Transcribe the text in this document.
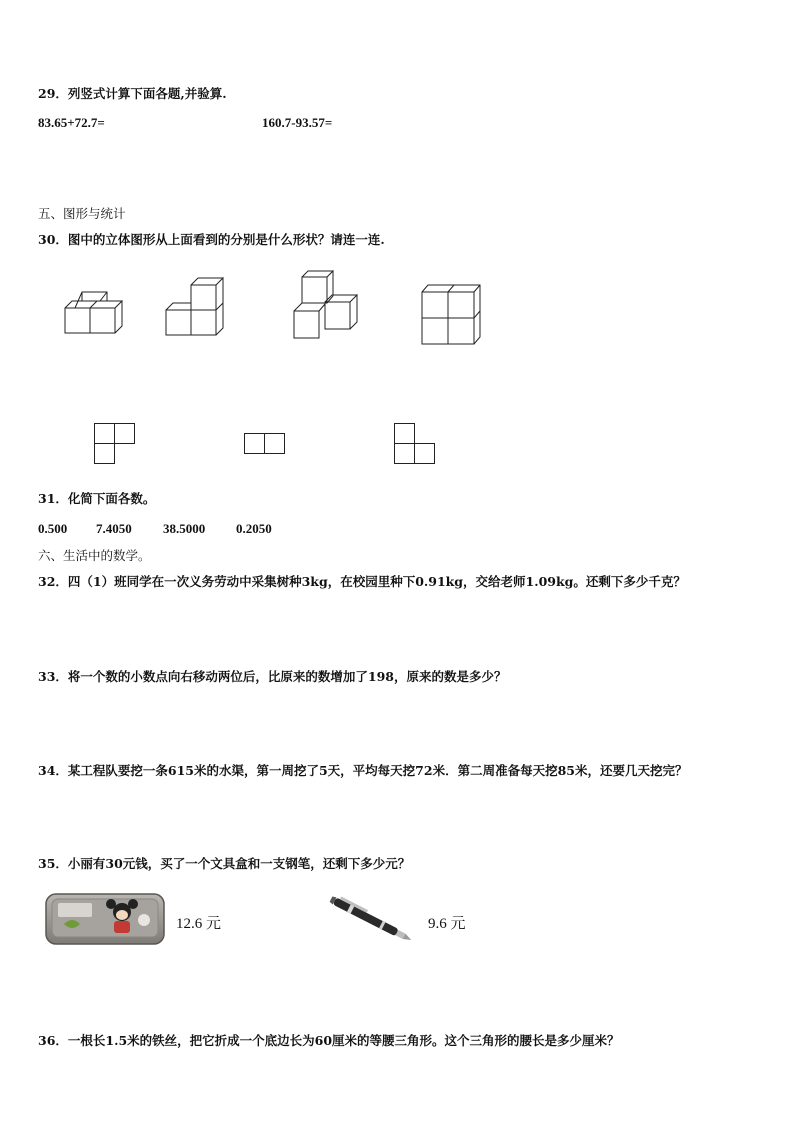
29．列竖式计算下面各题,并验算.
83.65+72.7=	160.7-93.57=
五、图形与统计
30．图中的立体图形从上面看到的分别是什么形状？请连一连.
31．化简下面各数。
0.500 7.4050 38.5000 0.2050
六、生活中的数学。
32．四（1）班同学在一次义务劳动中采集树种3kg，在校园里种下0.91kg，交给老师1.09kg。还剩下多少千克？
33．将一个数的小数点向右移动两位后，比原来的数增加了198，原来的数是多少？
34．某工程队要挖一条615米的水渠，第一周挖了5天，平均每天挖72米．第二周准备每天挖85米，还要几天挖完？
35．小丽有30元钱，买了一个文具盒和一支钢笔，还剩下多少元？
12.6 元	9.6 元
36．一根长1.5米的铁丝，把它折成一个底边长为60厘米的等腰三角形。这个三角形的腰长是多少厘米？
